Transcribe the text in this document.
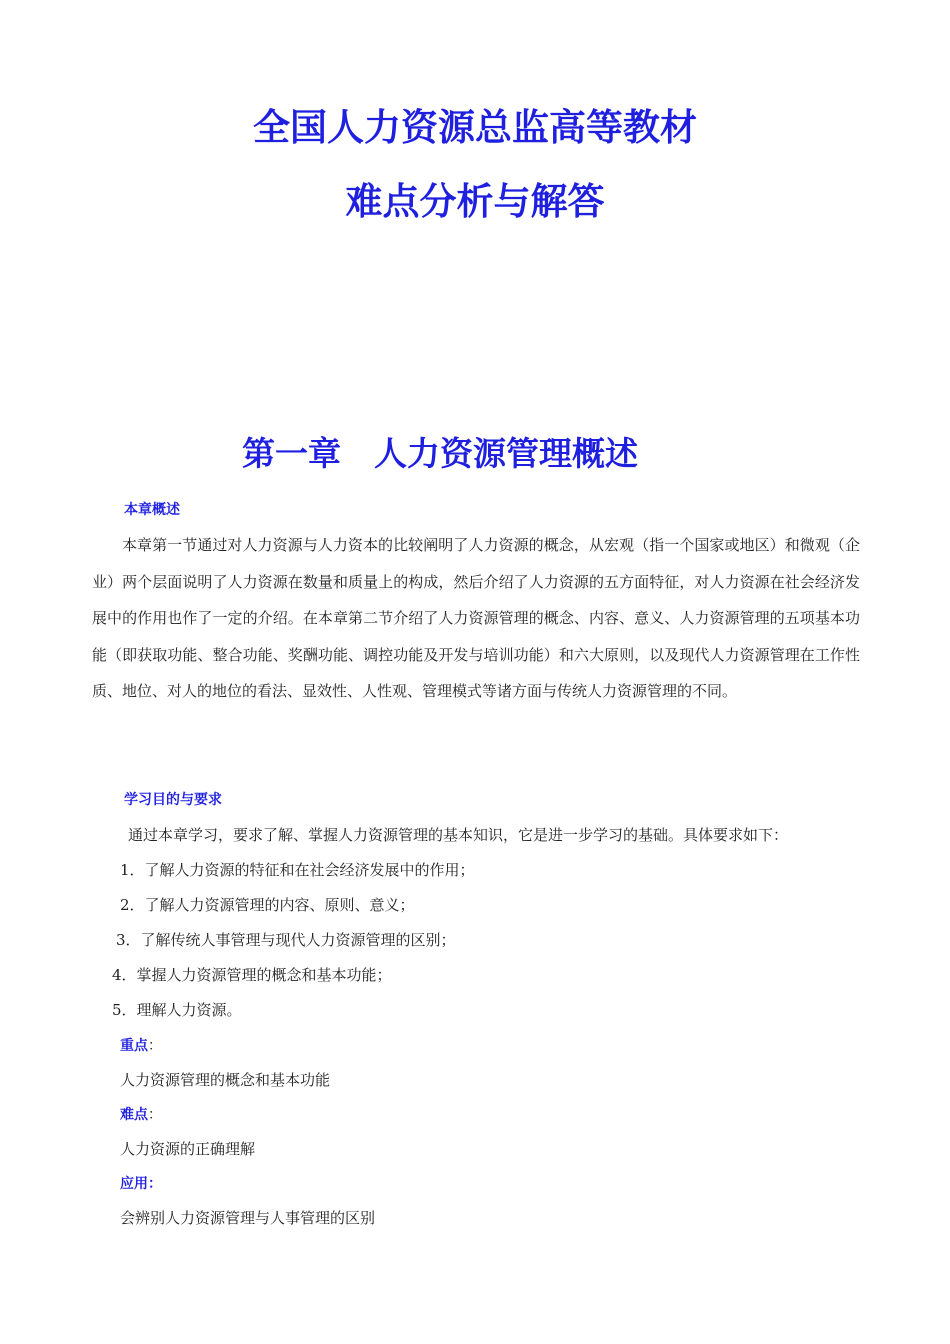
全国人力资源总监高等教材
难点分析与解答
第一章　人力资源管理概述
本章概述

本章第一节通过对人力资源与人力资本的比较阐明了人力资源的概念，从宏观（指一个国家或地区）和微观（企业）两个层面说明了人力资源在数量和质量上的构成，然后介绍了人力资源的五方面特征，对人力资源在社会经济发展中的作用也作了一定的介绍。在本章第二节介绍了人力资源管理的概念、内容、意义、人力资源管理的五项基本功能（即获取功能、整合功能、奖酬功能、调控功能及开发与培训功能）和六大原则，以及现代人力资源管理在工作性质、地位、对人的地位的看法、显效性、人性观、管理模式等诸方面与传统人力资源管理的不同。

学习目的与要求

通过本章学习，要求了解、掌握人力资源管理的基本知识，它是进一步学习的基础。具体要求如下：

1．了解人力资源的特征和在社会经济发展中的作用；

2．了解人力资源管理的内容、原则、意义；

3．了解传统人事管理与现代人力资源管理的区别；

4．掌握人力资源管理的概念和基本功能；

5．理解人力资源。

重点：

人力资源管理的概念和基本功能

难点：

人力资源的正确理解

应用：

会辨别人力资源管理与人事管理的区别
